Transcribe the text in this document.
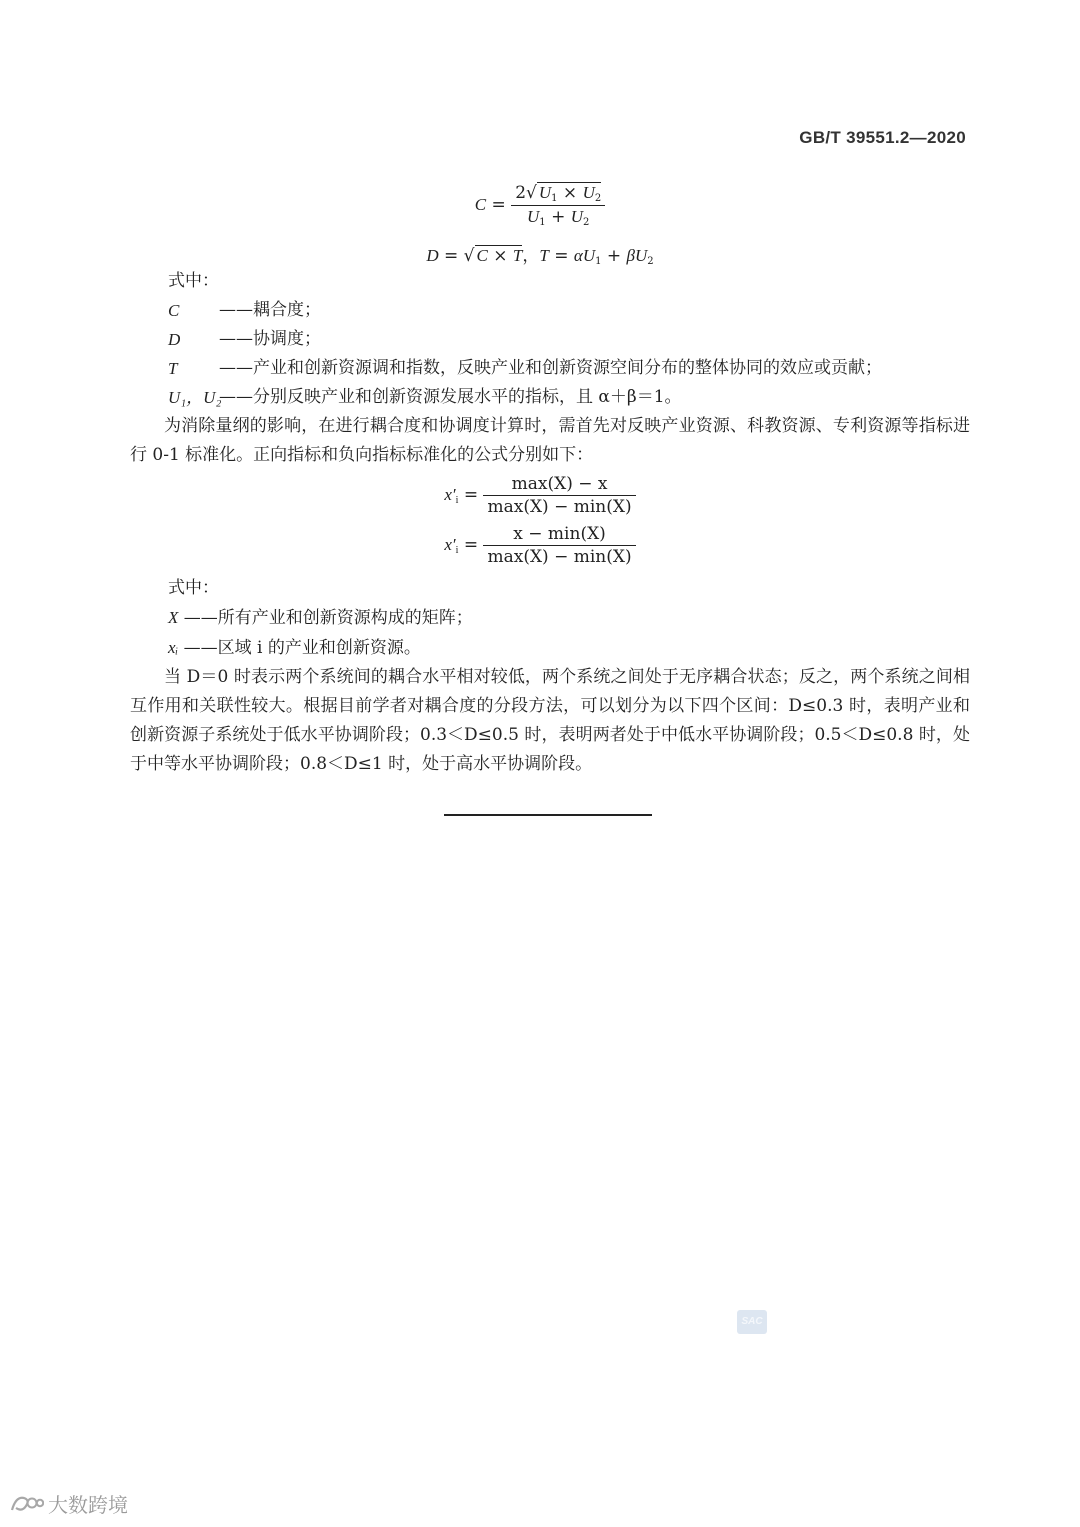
GB/T 39551.2—2020
$C = \frac{2√ U_1 \times U_2}{U_1 + U_2}$
D = √ C × T，$T = \alpha U_1 + \beta U_2$

式中：

C ——耦合度；

D ——协调度；

T ——产业和创新资源调和指数，反映产业和创新资源空间分布的整体协同的效应或贡献；

U₁，U₂
——分别反映产业和创新资源发展水平的指标，且 α＋β＝1。

为消除量纲的影响，在进行耦合度和协调度计算时，需首先对反映产业资源、科教资源、专利资源等指标进行 0-1 标准化。正向指标和负向指标标准化的公式分别如下：

$x'_i = \frac{\max(X) - x}{\max(X) - \min(X)}$
$x'_i = \frac{x - \min(X)}{\max(X) - \min(X)}$

式中：

X ——所有产业和创新资源构成的矩阵；

xᵢ ——区域 i 的产业和创新资源。

当 D＝0 时表示两个系统间的耦合水平相对较低，两个系统之间处于无序耦合状态；反之，两个系统之间相互作用和关联性较大。根据目前学者对耦合度的分段方法，可以划分为以下四个区间：D≤0.3 时，表明产业和创新资源子系统处于低水平协调阶段；0.3＜D≤0.5 时，表明两者处于中低水平协调阶段；0.5＜D≤0.8 时，处于中等水平协调阶段；0.8＜D≤1 时，处于高水平协调阶段。

SAC
大数跨境
